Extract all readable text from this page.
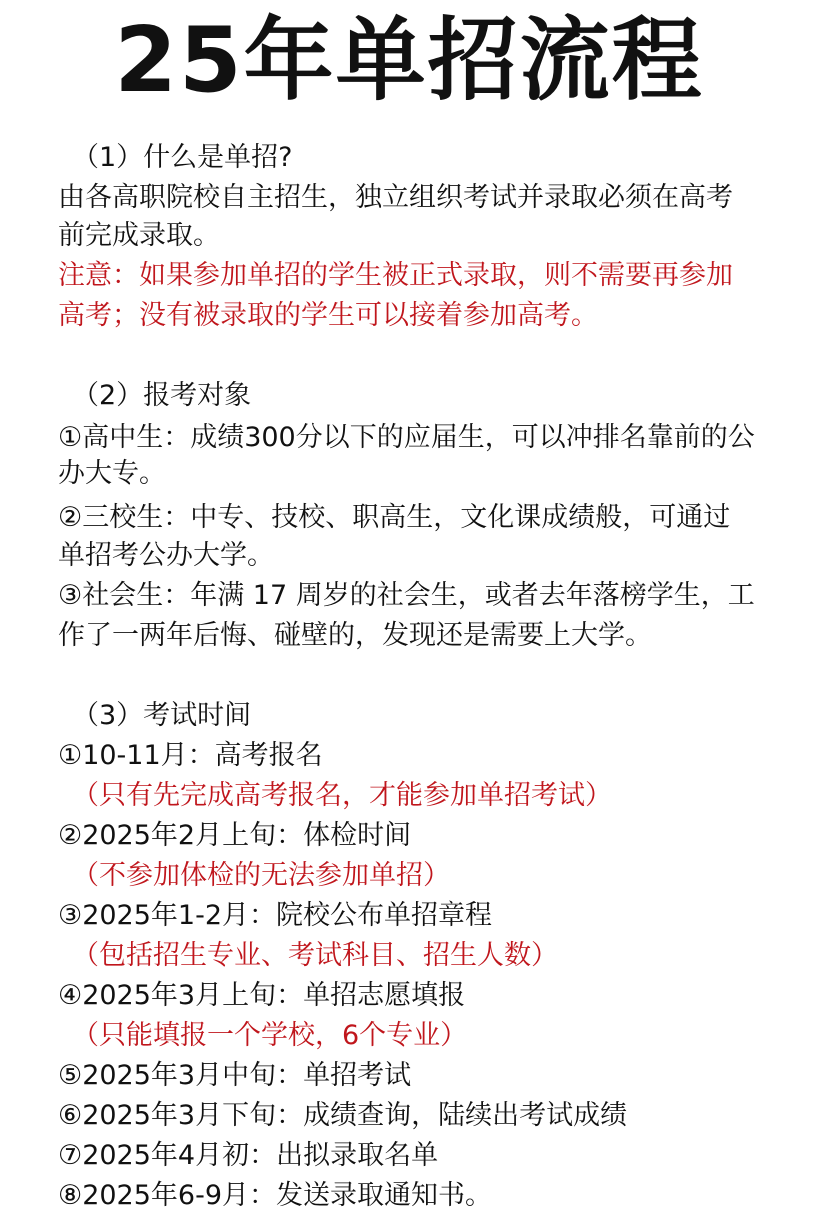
25年单招流程
（1）什么是单招?
由各高职院校自主招生，独立组织考试并录取必须在高考
前完成录取。
注意：如果参加单招的学生被正式录取，则不需要再参加
高考；没有被录取的学生可以接着参加高考。
（2）报考对象
①高中生：成绩300分以下的应届生，可以冲排名靠前的公
办大专。
②三校生：中专、技校、职高生，文化课成绩般，可通过
单招考公办大学。
③社会生：年满 17 周岁的社会生，或者去年落榜学生，工
作了一两年后悔、碰壁的，发现还是需要上大学。
（3）考试时间
①10-11月：高考报名
（只有先完成高考报名，才能参加单招考试）
②2025年2月上旬：体检时间
（不参加体检的无法参加单招）
③2025年1-2月：院校公布单招章程
（包括招生专业、考试科目、招生人数）
④2025年3月上旬：单招志愿填报
（只能填报一个学校，6个专业）
⑤2025年3月中旬：单招考试
⑥2025年3月下旬：成绩查询，陆续出考试成绩
⑦2025年4月初：出拟录取名单
⑧2025年6-9月：发送录取通知书。
